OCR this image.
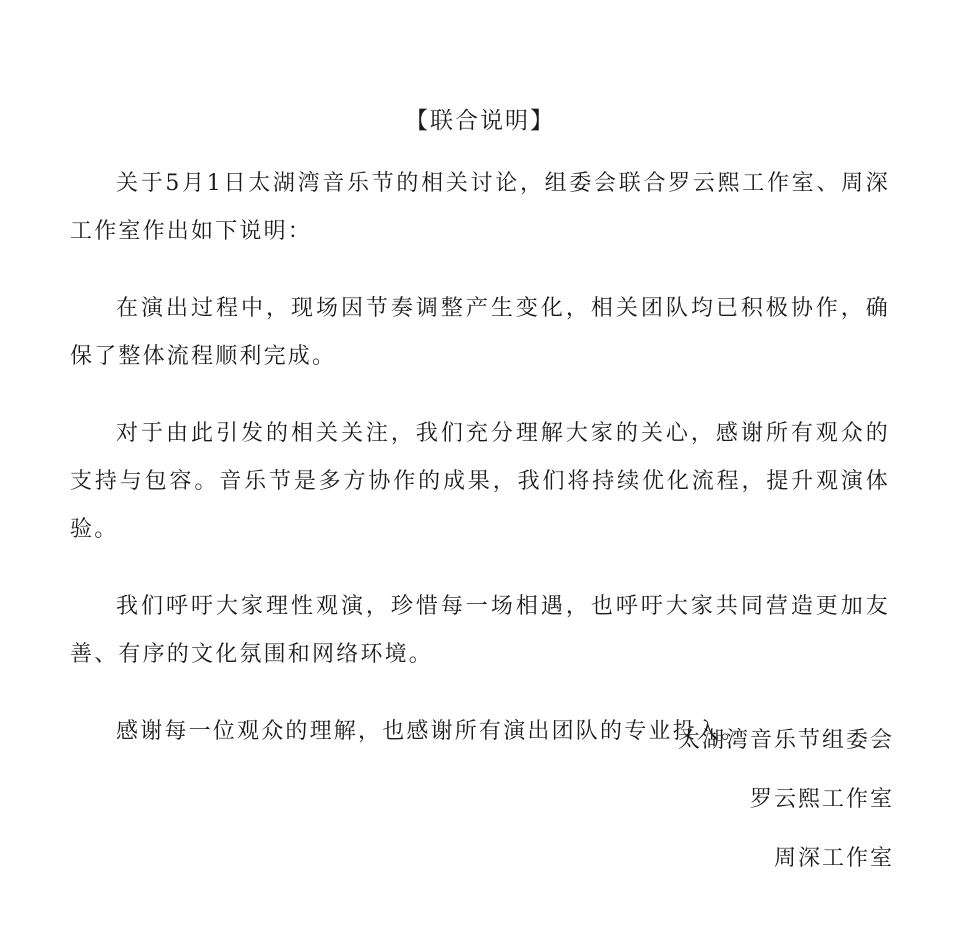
【联合说明】

关于5月1日太湖湾音乐节的相关讨论，组委会联合罗云熙工作室、周深工作室作出如下说明：

在演出过程中，现场因节奏调整产生变化，相关团队均已积极协作，确保了整体流程顺利完成。

对于由此引发的相关关注，我们充分理解大家的关心，感谢所有观众的支持与包容。音乐节是多方协作的成果，我们将持续优化流程，提升观演体验。

我们呼吁大家理性观演，珍惜每一场相遇，也呼吁大家共同营造更加友善、有序的文化氛围和网络环境。

感谢每一位观众的理解，也感谢所有演出团队的专业投入。

太湖湾音乐节组委会
罗云熙工作室
周深工作室
